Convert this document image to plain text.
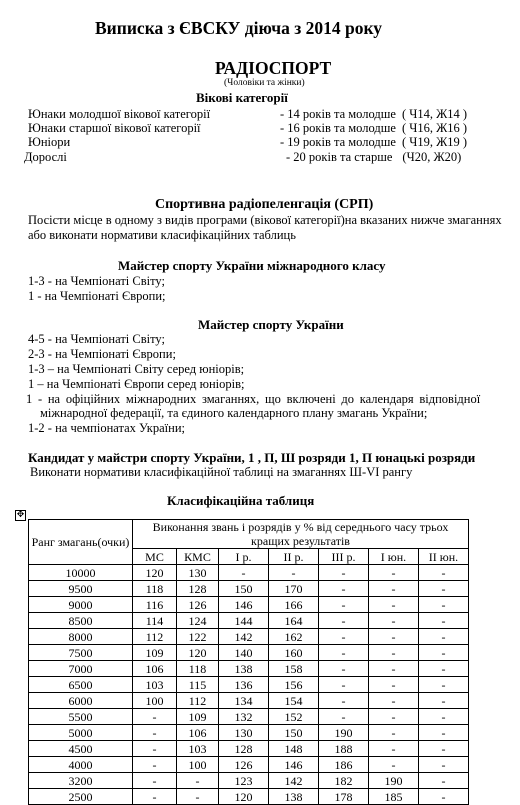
Виписка з ЄВСКУ діюча з 2014 року
РАДІОСПОРТ
(Чоловіки та жінки)
Вікові категорії
Юнаки молодшої вікової категорії	- 14 років та молодше ( Ч14, Ж14 )
Юнаки старшої вікової категорії	- 16 років та молодше ( Ч16, Ж16 )
Юніори	- 19 років та молодше ( Ч19, Ж19 )
Дорослі	- 20 років та старше (Ч20, Ж20)
Спортивна радіопеленгація (СРП)
Посісти місце в одному з видів програми (вікової категорії)на вказаних нижче змаганнях
або виконати нормативи класифікаційних таблиць
Майстер спорту України міжнародного класу
1-3 - на Чемпіонаті Світу;
1 - на Чемпіонаті Європи;
Майстер спорту України
4-5 - на Чемпіонаті Світу;
2-3 - на Чемпіонаті Європи;
1-3 – на Чемпіонаті Світу серед юніорів;
1 – на Чемпіонаті Європи серед юніорів;
1 - на офіційних міжнародних змаганнях, що включені до календаря відповідної
міжнародної федерації, та єдиного календарного плану змагань України;
1-2 - на чемпіонатах України;
Кандидат у майстри спорту України, 1 , П, Ш розряди 1, П юнацькі розряди
Виконати нормативи класифікаційної таблиці на змаганнях Ш-VI рангу
Класифікаційна таблиця
✥
Ранг змагань(очки)	Виконання звань і розрядів у % від середнього часу трьох кращих результатів						
	МС	КМС	І р.	ІІ р.	ІІІ р.	І юн.	ІІ юн.
10000	120	130	-	-	-	-	-
9500	118	128	150	170	-	-	-
9000	116	126	146	166	-	-	-
8500	114	124	144	164	-	-	-
8000	112	122	142	162	-	-	-
7500	109	120	140	160	-	-	-
7000	106	118	138	158	-	-	-
6500	103	115	136	156	-	-	-
6000	100	112	134	154	-	-	-
5500	-	109	132	152	-	-	-
5000	-	106	130	150	190	-	-
4500	-	103	128	148	188	-	-
4000	-	100	126	146	186	-	-
3200	-	-	123	142	182	190	-
2500	-	-	120	138	178	185	-
